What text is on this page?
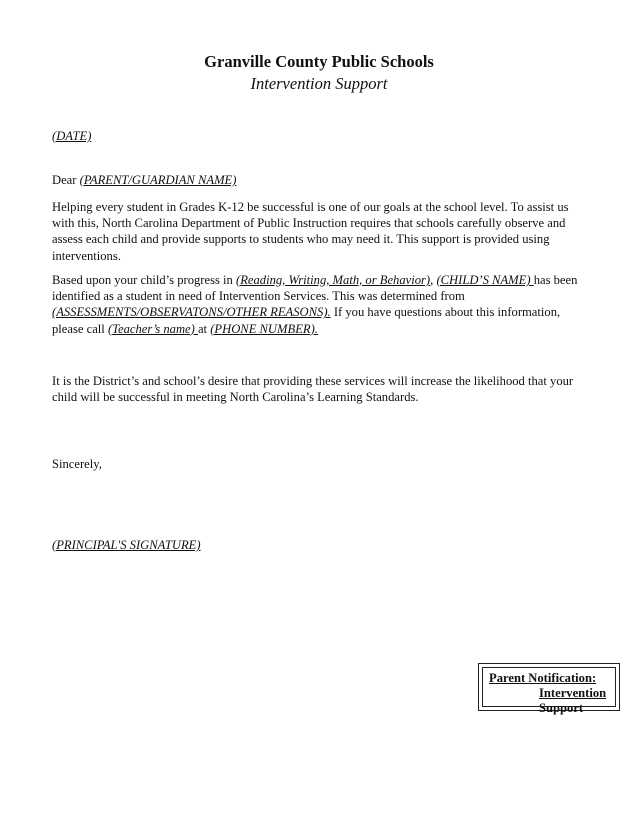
Granville County Public Schools
Intervention Support
(DATE)
Dear (PARENT/GUARDIAN NAME)

Helping every student in Grades K-12 be successful is one of our goals at the school level. To assist us

with this, North Carolina Department of Public Instruction requires that schools carefully observe and

assess each child and provide supports to students who may need it. This support is provided using

interventions.

Based upon your child’s progress in (Reading, Writing, Math, or Behavior), (CHILD’S NAME) has been

identified as a student in need of Intervention Services. This was determined from

(ASSESSMENTS/OBSERVATONS/OTHER REASONS). If you have questions about this information,

please call (Teacher’s name) at (PHONE NUMBER).

It is the District’s and school’s desire that providing these services will increase the likelihood that your

child will be successful in meeting North Carolina’s Learning Standards.

Sincerely,
(PRINCIPAL'S SIGNATURE)
Parent Notification:
Intervention
Support
